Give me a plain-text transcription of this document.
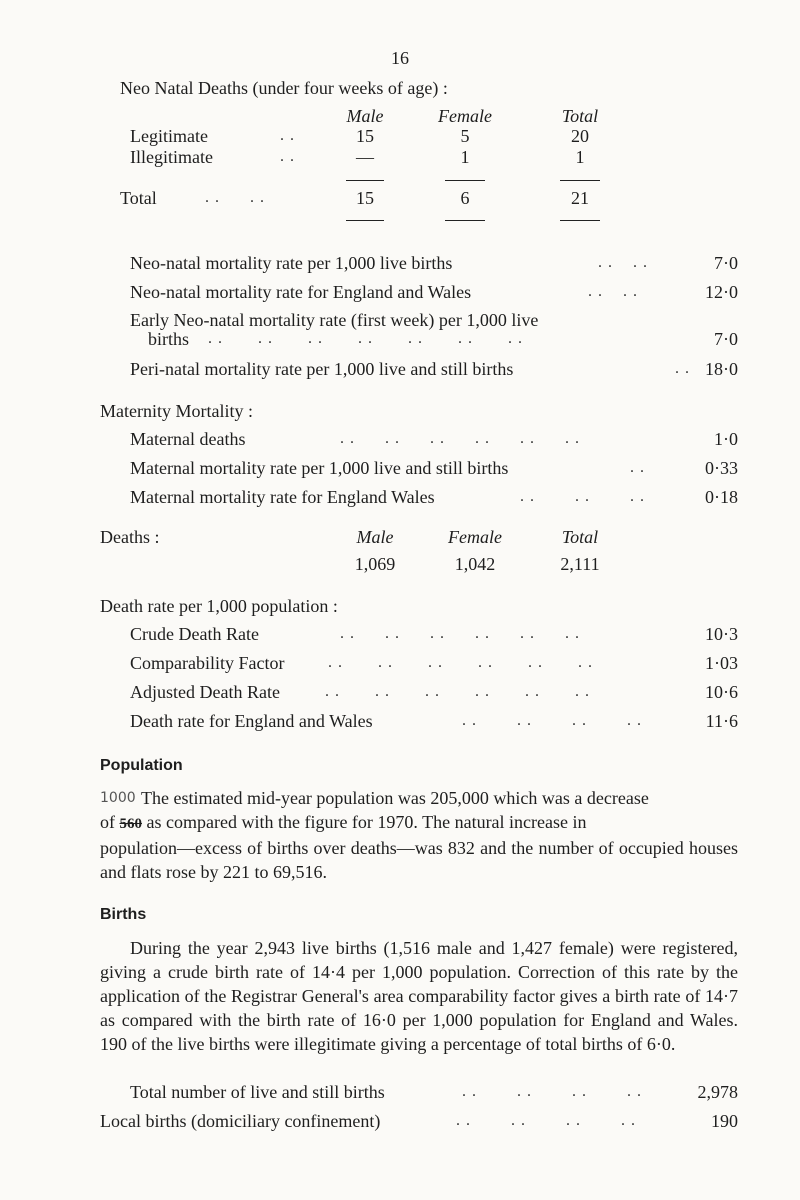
16
Neo Natal Deaths (under four weeks of age) :
Male	Female	Total
Legitimate	. .	15	5	20
Illegitimate	. .	—	1	1
Total	. .      . .	15	6	21
Neo-natal mortality rate per 1,000 live births	. .    . .	7·0
Neo-natal mortality rate for England and Wales	. .    . .	12·0
Early Neo-natal mortality rate (first week) per 1,000 live
births . .       . .       . .       . .       . .       . .       . .	7·0
Peri-natal mortality rate per 1,000 live and still births	. . 18·0
Maternity Mortality :
Maternal deaths	. .      . .      . .      . .      . .      . .	1·0
Maternal mortality rate per 1,000 live and still births	. .	0·33
Maternal mortality rate for England Wales	. .        . .        . .	0·18
Deaths :	Male	Female	Total
1,069	1,042	2,111
Death rate per 1,000 population :
Crude Death Rate	. .      . .      . .      . .      . .      . .	10·3
Comparability Factor	. .       . .       . .       . .       . .       . .	1·03
Adjusted Death Rate	. .       . .       . .       . .       . .       . .	10·6
Death rate for England and Wales	. .        . .        . .        . .	11·6
Population
1000 The estimated mid-year population was 205,000 which was a decrease
of 560 as compared with the figure for 1970. The natural increase in
population—excess of births over deaths—was 832 and the number of occupied houses and flats rose by 221 to 69,516.
Births
During the year 2,943 live births (1,516 male and 1,427 female) were registered, giving a crude birth rate of 14·4 per 1,000 population. Correction of this rate by the application of the Registrar General's area comparability factor gives a birth rate of 14·7 as compared with the birth rate of 16·0 per 1,000 population for England and Wales. 190 of the live births were illegitimate giving a percentage of total births of 6·0.
Total number of live and still births	. .        . .        . .        . .	2,978
Local births (domiciliary confinement)	. .        . .        . .        . .	190
